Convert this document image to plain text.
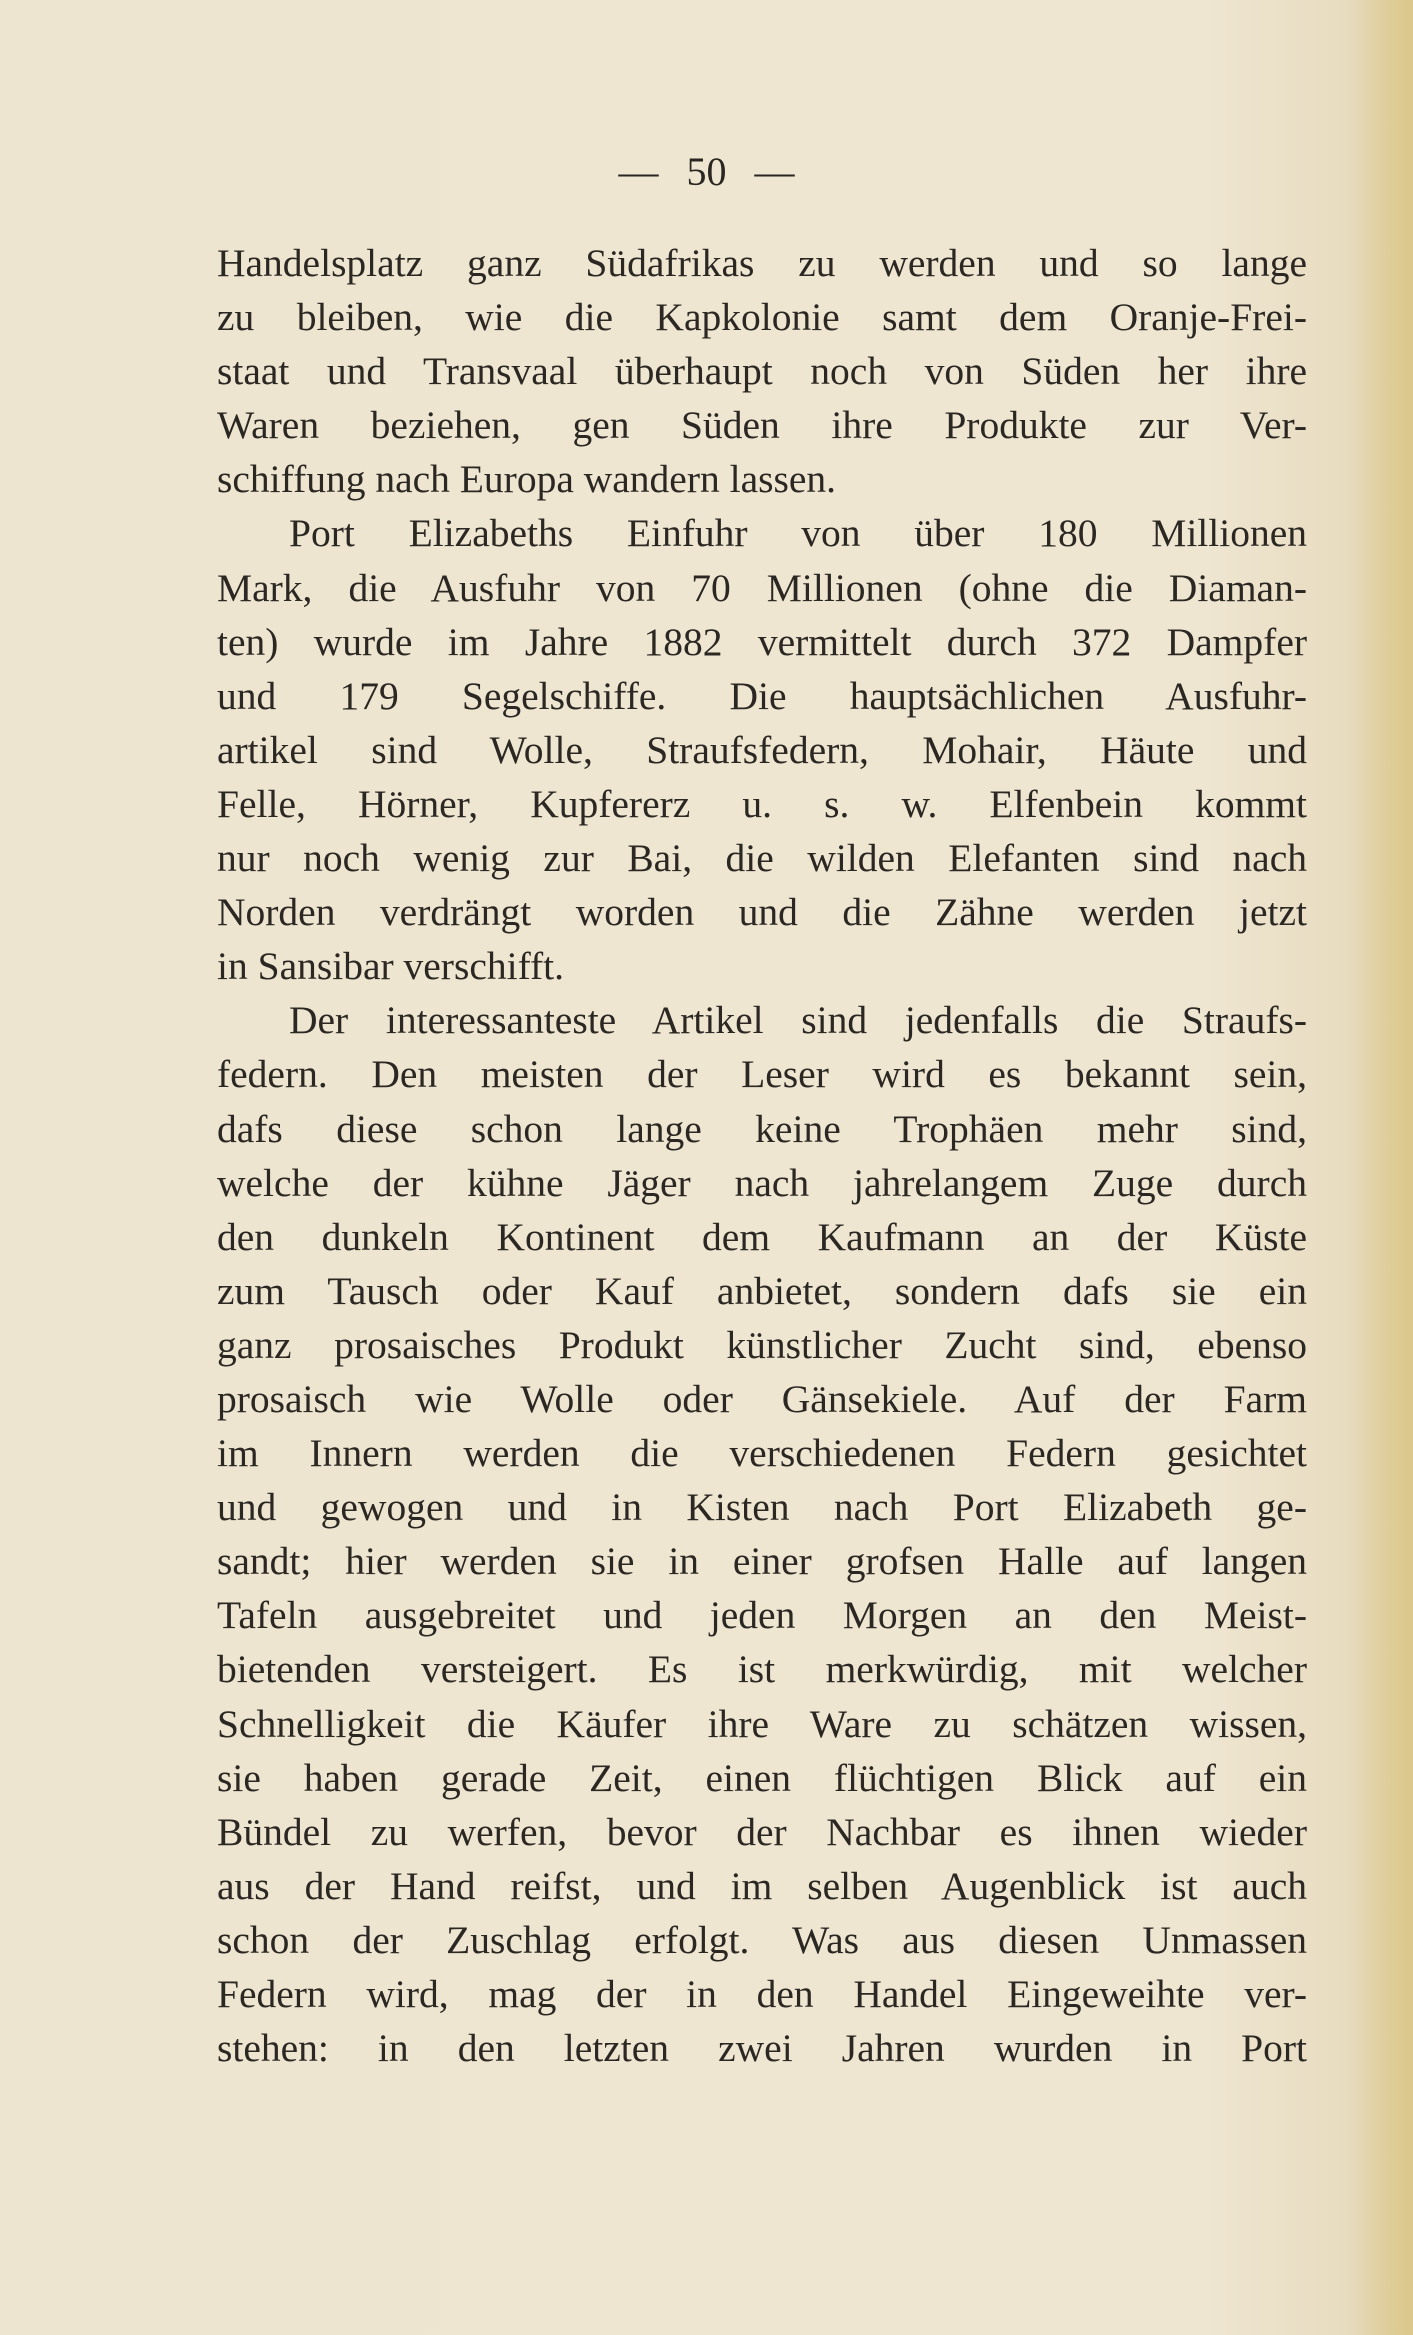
— 50 —
Handelsplatz ganz Südafrikas zu werden und so lange
zu bleiben, wie die Kapkolonie samt dem Oranje-Frei-
staat und Transvaal überhaupt noch von Süden her ihre
Waren beziehen, gen Süden ihre Produkte zur Ver-
schiffung nach Europa wandern lassen.
Port Elizabeths Einfuhr von über 180 Millionen
Mark, die Ausfuhr von 70 Millionen (ohne die Diaman-
ten) wurde im Jahre 1882 vermittelt durch 372 Dampfer
und 179 Segelschiffe. Die hauptsächlichen Ausfuhr-
artikel sind Wolle, Straufsfedern, Mohair, Häute und
Felle, Hörner, Kupfererz u. s. w. Elfenbein kommt
nur noch wenig zur Bai, die wilden Elefanten sind nach
Norden verdrängt worden und die Zähne werden jetzt
in Sansibar verschifft.
Der interessanteste Artikel sind jedenfalls die Straufs-
federn. Den meisten der Leser wird es bekannt sein,
dafs diese schon lange keine Trophäen mehr sind,
welche der kühne Jäger nach jahrelangem Zuge durch
den dunkeln Kontinent dem Kaufmann an der Küste
zum Tausch oder Kauf anbietet, sondern dafs sie ein
ganz prosaisches Produkt künstlicher Zucht sind, ebenso
prosaisch wie Wolle oder Gänsekiele. Auf der Farm
im Innern werden die verschiedenen Federn gesichtet
und gewogen und in Kisten nach Port Elizabeth ge-
sandt; hier werden sie in einer grofsen Halle auf langen
Tafeln ausgebreitet und jeden Morgen an den Meist-
bietenden versteigert. Es ist merkwürdig, mit welcher
Schnelligkeit die Käufer ihre Ware zu schätzen wissen,
sie haben gerade Zeit, einen flüchtigen Blick auf ein
Bündel zu werfen, bevor der Nachbar es ihnen wieder
aus der Hand reifst, und im selben Augenblick ist auch
schon der Zuschlag erfolgt. Was aus diesen Unmassen
Federn wird, mag der in den Handel Eingeweihte ver-
stehen: in den letzten zwei Jahren wurden in Port
